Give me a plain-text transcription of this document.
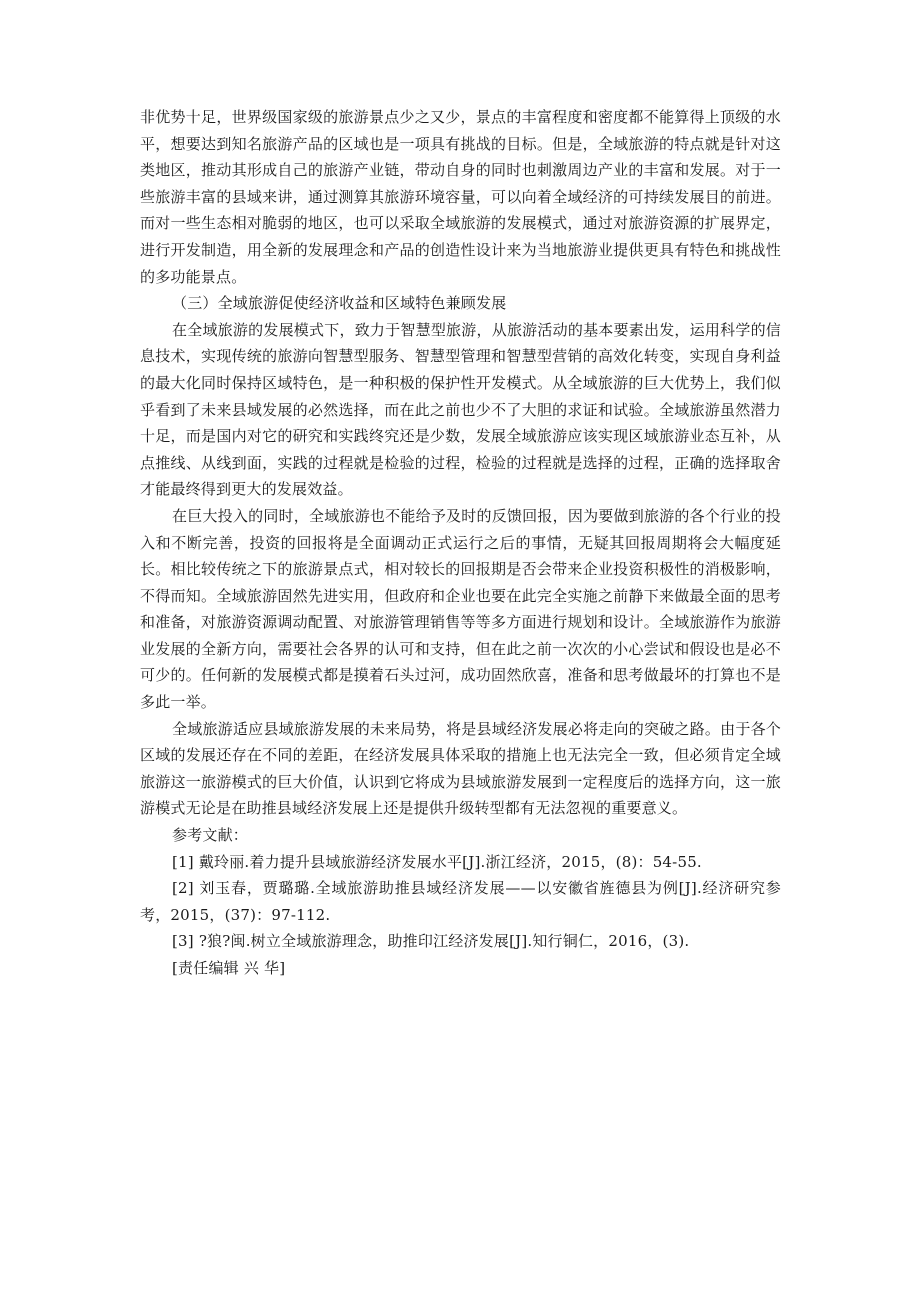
非优势十足，世界级国家级的旅游景点少之又少，景点的丰富程度和密度都不能算得上顶级的水平，想要达到知名旅游产品的区域也是一项具有挑战的目标。但是，全域旅游的特点就是针对这类地区，推动其形成自己的旅游产业链，带动自身的同时也刺激周边产业的丰富和发展。对于一些旅游丰富的县域来讲，通过测算其旅游环境容量，可以向着全域经济的可持续发展目的前进。而对一些生态相对脆弱的地区，也可以采取全域旅游的发展模式，通过对旅游资源的扩展界定，进行开发制造，用全新的发展理念和产品的创造性设计来为当地旅游业提供更具有特色和挑战性的多功能景点。

（三）全域旅游促使经济收益和区域特色兼顾发展

在全域旅游的发展模式下，致力于智慧型旅游，从旅游活动的基本要素出发，运用科学的信息技术，实现传统的旅游向智慧型服务、智慧型管理和智慧型营销的高效化转变，实现自身利益的最大化同时保持区域特色，是一种积极的保护性开发模式。从全域旅游的巨大优势上，我们似乎看到了未来县域发展的必然选择，而在此之前也少不了大胆的求证和试验。全域旅游虽然潜力十足，而是国内对它的研究和实践终究还是少数，发展全域旅游应该实现区域旅游业态互补，从点推线、从线到面，实践的过程就是检验的过程，检验的过程就是选择的过程，正确的选择取舍才能最终得到更大的发展效益。

在巨大投入的同时，全域旅游也不能给予及时的反馈回报，因为要做到旅游的各个行业的投入和不断完善，投资的回报将是全面调动正式运行之后的事情，无疑其回报周期将会大幅度延长。相比较传统之下的旅游景点式，相对较长的回报期是否会带来企业投资积极性的消极影响，不得而知。全域旅游固然先进实用，但政府和企业也要在此完全实施之前静下来做最全面的思考和准备，对旅游资源调动配置、对旅游管理销售等等多方面进行规划和设计。全域旅游作为旅游业发展的全新方向，需要社会各界的认可和支持，但在此之前一次次的小心尝试和假设也是必不可少的。任何新的发展模式都是摸着石头过河，成功固然欣喜，准备和思考做最坏的打算也不是多此一举。

全域旅游适应县域旅游发展的未来局势，将是县域经济发展必将走向的突破之路。由于各个区域的发展还存在不同的差距，在经济发展具体采取的措施上也无法完全一致，但必须肯定全域旅游这一旅游模式的巨大价值，认识到它将成为县域旅游发展到一定程度后的选择方向，这一旅游模式无论是在助推县域经济发展上还是提供升级转型都有无法忽视的重要意义。

参考文献：

[1] 戴玲丽.着力提升县域旅游经济发展水平[J].浙江经济，2015，(8)：54-55.

[2] 刘玉春，贾璐璐.全域旅游助推县域经济发展——以安徽省旌德县为例[J].经济研究参考，2015，(37)：97-112.

[3] ?狼?闽.树立全域旅游理念，助推印江经济发展[J].知行铜仁，2016，(3).

[责任编辑 兴 华]
